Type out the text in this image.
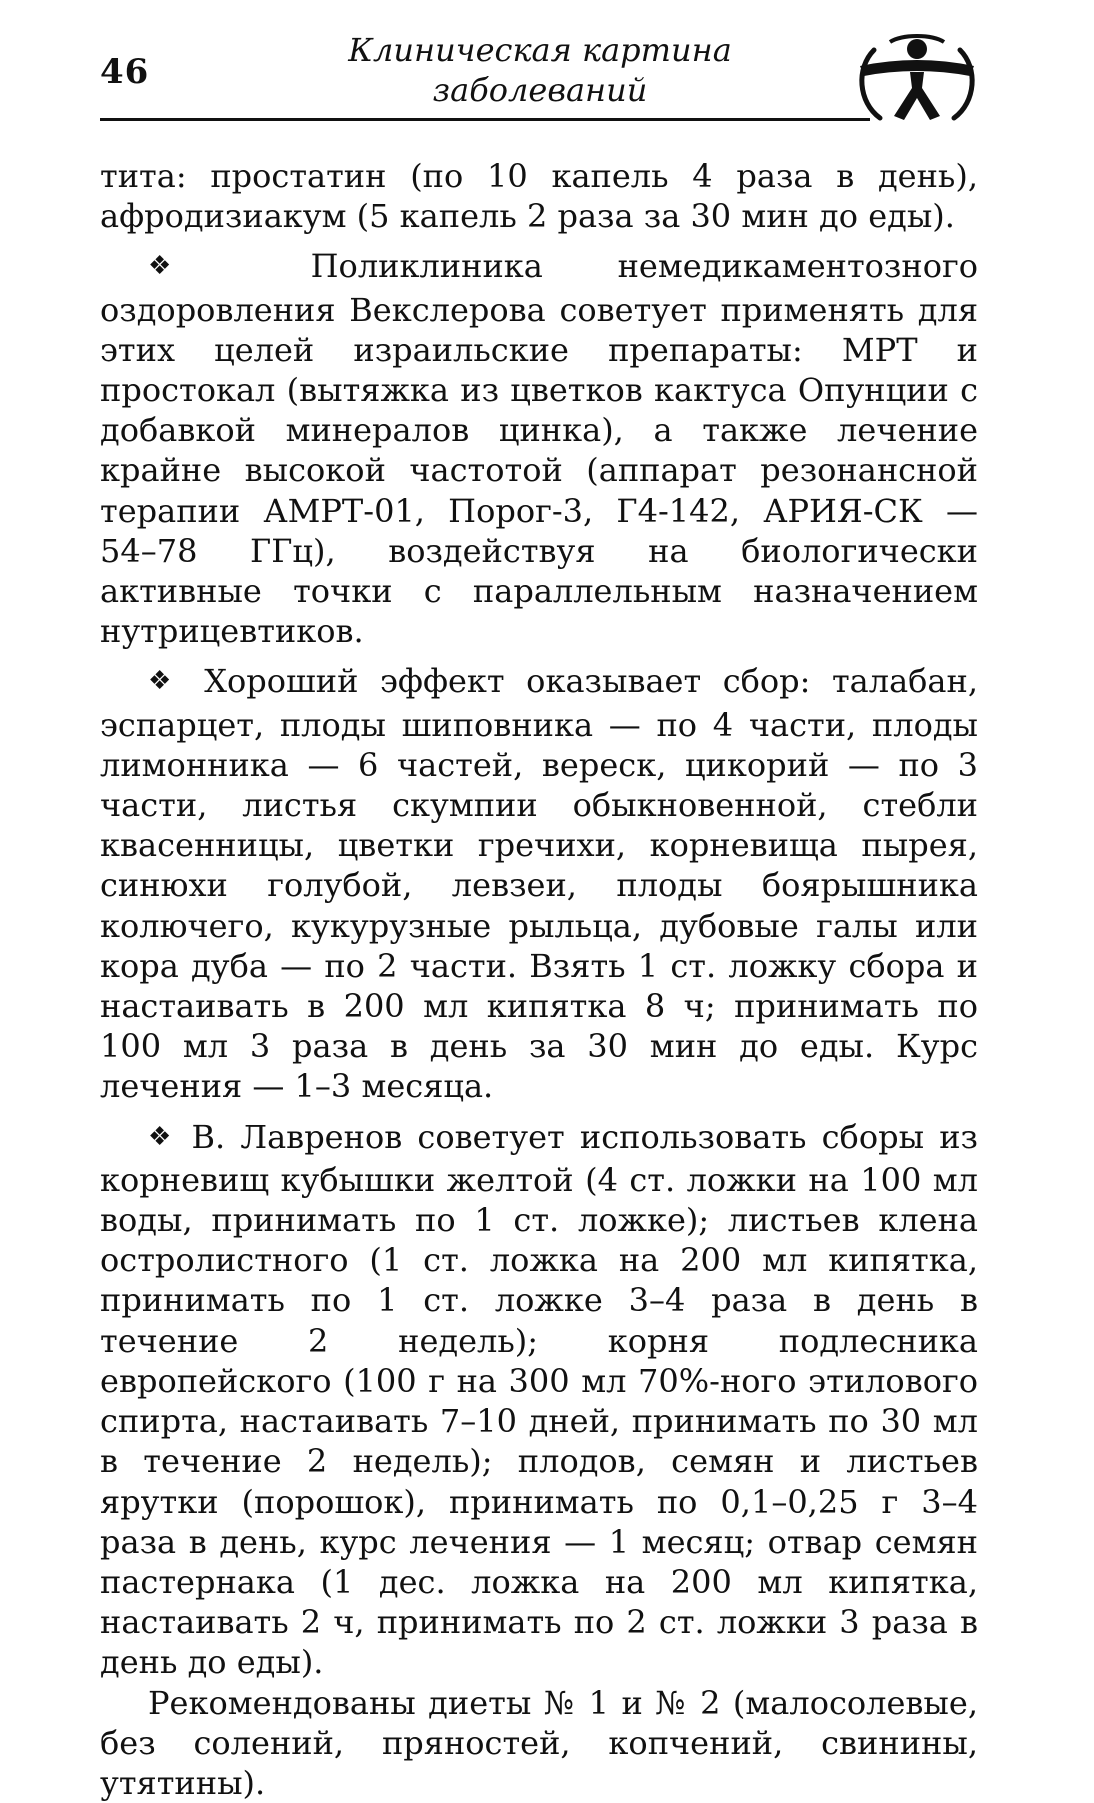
46
Клиническая картина
заболеваний

тита: простатин (по 10 капель 4 раза в день), афродизиакум (5 капель 2 раза за 30 мин до еды).

❖ Поликлиника немедикаментозного оздоровления Векслерова советует применять для этих целей израильские препараты: МРТ и простокал (вытяжка из цветков кактуса Опунции с добавкой минералов цинка), а также лечение крайне высокой частотой (аппарат резонансной терапии АМРТ-01, Порог-3, Г4-142, АРИЯ-СК — 54–78 ГГц), воздействуя на биологически активные точки с параллельным назначением нутрицевтиков.

❖ Хороший эффект оказывает сбор: талабан, эспарцет, плоды шиповника — по 4 части, плоды лимонника — 6 частей, вереск, цикорий — по 3 части, листья скумпии обыкновенной, стебли квасенницы, цветки гречихи, корневища пырея, синюхи голубой, левзеи, плоды боярышника колючего, кукурузные рыльца, дубовые галы или кора дуба — по 2 части. Взять 1 ст. ложку сбора и настаивать в 200 мл кипятка 8 ч; принимать по 100 мл 3 раза в день за 30 мин до еды. Курс лечения — 1–3 месяца.

❖ В. Лавренов советует использовать сборы из корневищ кубышки желтой (4 ст. ложки на 100 мл воды, принимать по 1 ст. ложке); листьев клена остролистного (1 ст. ложка на 200 мл кипятка, принимать по 1 ст. ложке 3–4 раза в день в течение 2 недель); корня подлесника европейского (100 г на 300 мл 70%-ного этилового спирта, настаивать 7–10 дней, принимать по 30 мл в течение 2 недель); плодов, семян и листьев ярутки (порошок), принимать по 0,1–0,25 г 3–4 раза в день, курс лечения — 1 месяц; отвар семян пастернака (1 дес. ложка на 200 мл кипятка, настаивать 2 ч, принимать по 2 ст. ложки 3 раза в день до еды).

Рекомендованы диеты № 1 и № 2 (малосолевые, без солений, пряностей, копчений, свинины, утятины).
